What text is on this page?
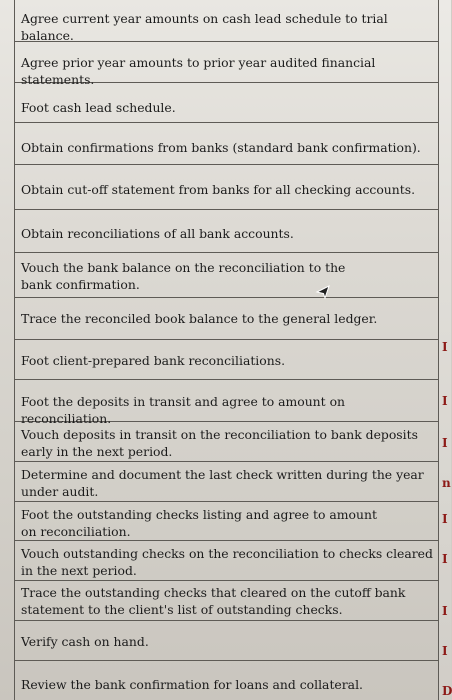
Agree current year amounts on cash lead schedule to trial balance.
Agree prior year amounts to prior year audited financial statements.
Foot cash lead schedule.
Obtain confirmations from banks (standard bank confirmation).
Obtain cut-off statement from banks for all checking accounts.
Obtain reconciliations of all bank accounts.
Vouch the bank balance on the reconciliation to the bank confirmation.
Trace the reconciled book balance to the general ledger.
Foot client-prepared bank reconciliations.
Foot the deposits in transit and agree to amount on reconciliation.
Vouch deposits in transit on the reconciliation to bank deposits early in the next period.
Determine and document the last check written during the year under audit.
Foot the outstanding checks listing and agree to amount on reconciliation.
Vouch outstanding checks on the reconciliation to checks cleared in the next period.
Trace the outstanding checks that cleared on the cutoff bank statement to the client's list of outstanding checks.
Verify cash on hand.
Review the bank confirmation for loans and collateral.
I
I
I
n
I
I
I
I
D
